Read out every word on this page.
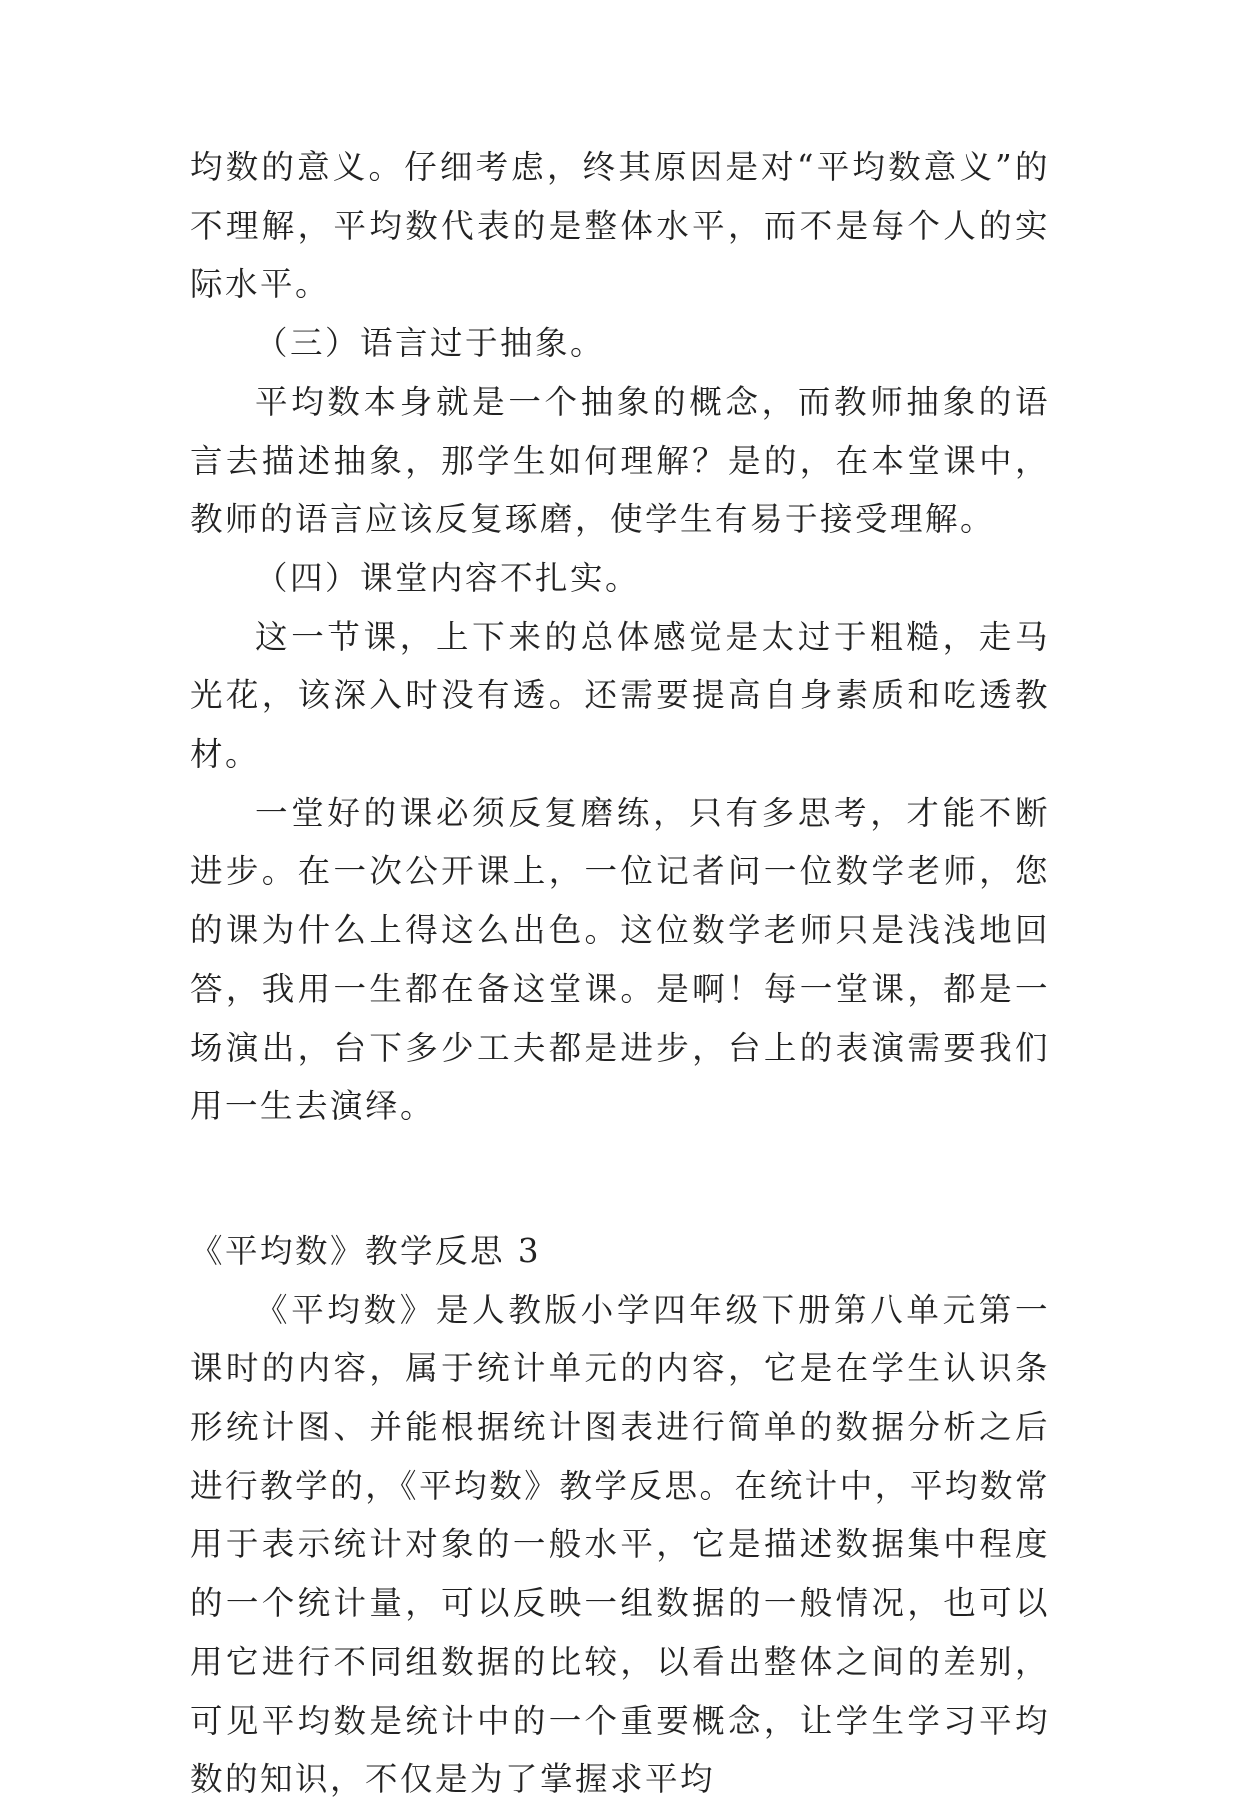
均数的意义。仔细考虑，终其原因是对“平均数意义”的不理解，平均数代表的是整体水平，而不是每个人的实际水平。

（三）语言过于抽象。

平均数本身就是一个抽象的概念，而教师抽象的语言去描述抽象，那学生如何理解？是的，在本堂课中，教师的语言应该反复琢磨，使学生有易于接受理解。

（四）课堂内容不扎实。

这一节课，上下来的总体感觉是太过于粗糙，走马光花，该深入时没有透。还需要提高自身素质和吃透教材。

一堂好的课必须反复磨练，只有多思考，才能不断进步。在一次公开课上，一位记者问一位数学老师，您的课为什么上得这么出色。这位数学老师只是浅浅地回答，我用一生都在备这堂课。是啊！每一堂课，都是一场演出，台下多少工夫都是进步，台上的表演需要我们用一生去演绎。

《平均数》教学反思 3

《平均数》是人教版小学四年级下册第八单元第一课时的内容，属于统计单元的内容，它是在学生认识条形统计图、并能根据统计图表进行简单的数据分析之后进行教学的，《平均数》教学反思。在统计中，平均数常用于表示统计对象的一般水平，它是描述数据集中程度的一个统计量，可以反映一组数据的一般情况，也可以用它进行不同组数据的比较，以看出整体之间的差别，可见平均数是统计中的一个重要概念，让学生学习平均数的知识，不仅是为了掌握求平均
